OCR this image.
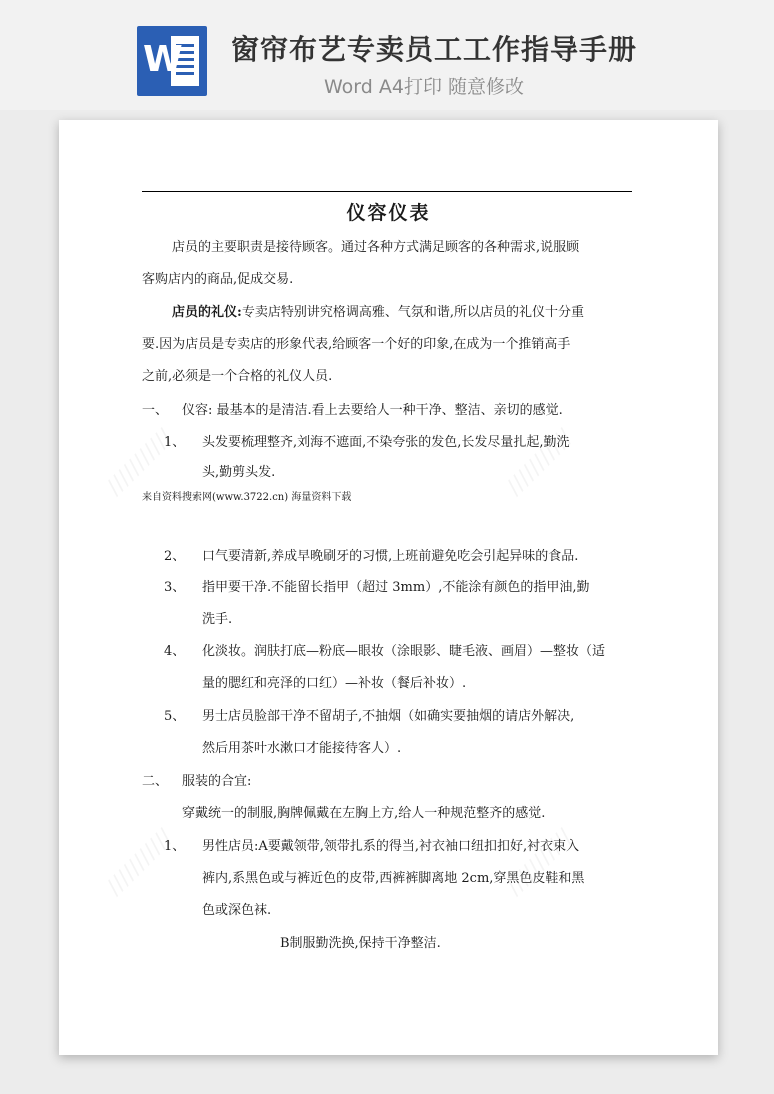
W 窗帘布艺专卖员工工作指导手册
Word A4打印 随意修改
仪容仪表
店员的主要职责是接待顾客。通过各种方式满足顾客的各种需求,说服顾
客购店内的商品,促成交易.
店员的礼仪:专卖店特别讲究格调高雅、气氛和谐,所以店员的礼仪十分重
要.因为店员是专卖店的形象代表,给顾客一个好的印象,在成为一个推销高手
之前,必须是一个合格的礼仪人员.
一、 仪容: 最基本的是清洁.看上去要给人一种干净、整洁、亲切的感觉.
1、 头发要梳理整齐,刘海不遮面,不染夸张的发色,长发尽量扎起,勤洗
头,勤剪头发.
来自资料搜索网(www.3722.cn) 海量资料下载
2、 口气要清新,养成早晚刷牙的习惯,上班前避免吃会引起异味的食品.
3、 指甲要干净.不能留长指甲（超过 3mm）,不能涂有颜色的指甲油,勤
洗手.
4、 化淡妆。润肤打底—粉底—眼妆（涂眼影、睫毛液、画眉）—整妆（适
量的腮红和亮泽的口红）—补妆（餐后补妆）.
5、 男士店员脸部干净不留胡子,不抽烟（如确实要抽烟的请店外解决,
然后用茶叶水漱口才能接待客人）.
二、 服装的合宜:
穿戴统一的制服,胸牌佩戴在左胸上方,给人一种规范整齐的感觉.
1、 男性店员:A要戴领带,领带扎系的得当,衬衣袖口纽扣扣好,衬衣束入
裤内,系黑色或与裤近色的皮带,西裤裤脚离地 2cm,穿黑色皮鞋和黑
色或深色袜.
B制服勤洗换,保持干净整洁.
